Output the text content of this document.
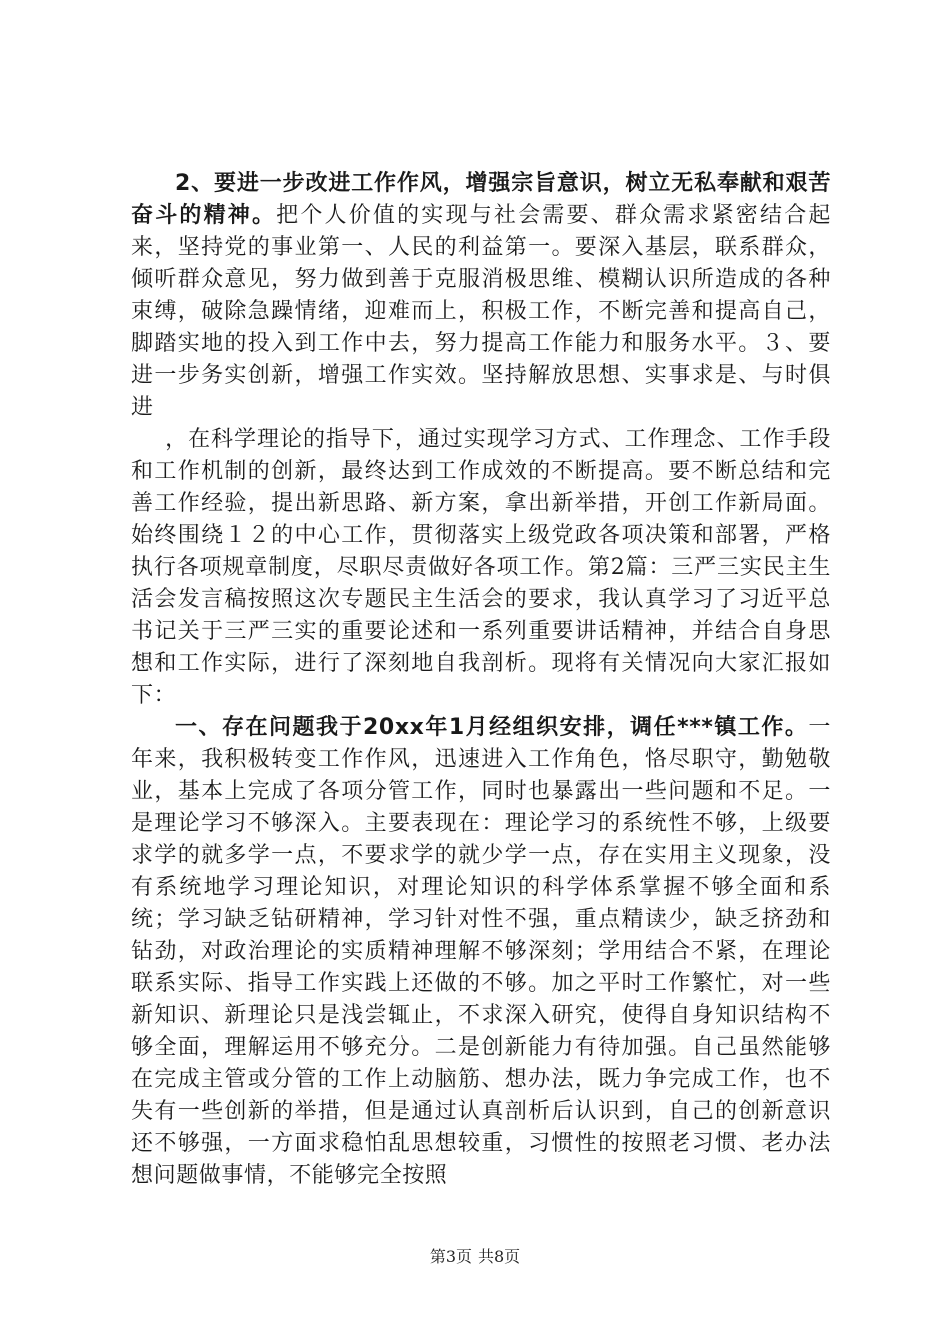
2、要进一步改进工作作风，增强宗旨意识，树立无私奉献和艰苦奋斗的精神。把个人价值的实现与社会需要、群众需求紧密结合起来，坚持党的事业第一、人民的利益第一。要深入基层，联系群众，倾听群众意见，努力做到善于克服消极思维、模糊认识所造成的各种束缚，破除急躁情绪，迎难而上，积极工作，不断完善和提高自己，脚踏实地的投入到工作中去，努力提高工作能力和服务水平。３、要进一步务实创新，增强工作实效。坚持解放思想、实事求是、与时俱进

，在科学理论的指导下，通过实现学习方式、工作理念、工作手段和工作机制的创新，最终达到工作成效的不断提高。要不断总结和完善工作经验，提出新思路、新方案，拿出新举措，开创工作新局面。始终围绕１２的中心工作，贯彻落实上级党政各项决策和部署，严格执行各项规章制度，尽职尽责做好各项工作。第2篇：三严三实民主生活会发言稿按照这次专题民主生活会的要求，我认真学习了习近平总书记关于三严三实的重要论述和一系列重要讲话精神，并结合自身思想和工作实际，进行了深刻地自我剖析。现将有关情况向大家汇报如下：

一、存在问题我于20xx年1月经组织安排，调任***镇工作。一年来，我积极转变工作作风，迅速进入工作角色，恪尽职守，勤勉敬业，基本上完成了各项分管工作，同时也暴露出一些问题和不足。一是理论学习不够深入。主要表现在：理论学习的系统性不够，上级要求学的就多学一点，不要求学的就少学一点，存在实用主义现象，没有系统地学习理论知识，对理论知识的科学体系掌握不够全面和系统；学习缺乏钻研精神，学习针对性不强，重点精读少，缺乏挤劲和钻劲，对政治理论的实质精神理解不够深刻；学用结合不紧，在理论联系实际、指导工作实践上还做的不够。加之平时工作繁忙，对一些新知识、新理论只是浅尝辄止，不求深入研究，使得自身知识结构不够全面，理解运用不够充分。二是创新能力有待加强。自己虽然能够在完成主管或分管的工作上动脑筋、想办法，既力争完成工作，也不失有一些创新的举措，但是通过认真剖析后认识到，自己的创新意识还不够强，一方面求稳怕乱思想较重，习惯性的按照老习惯、老办法想问题做事情，不能够完全按照

第3页 共8页
